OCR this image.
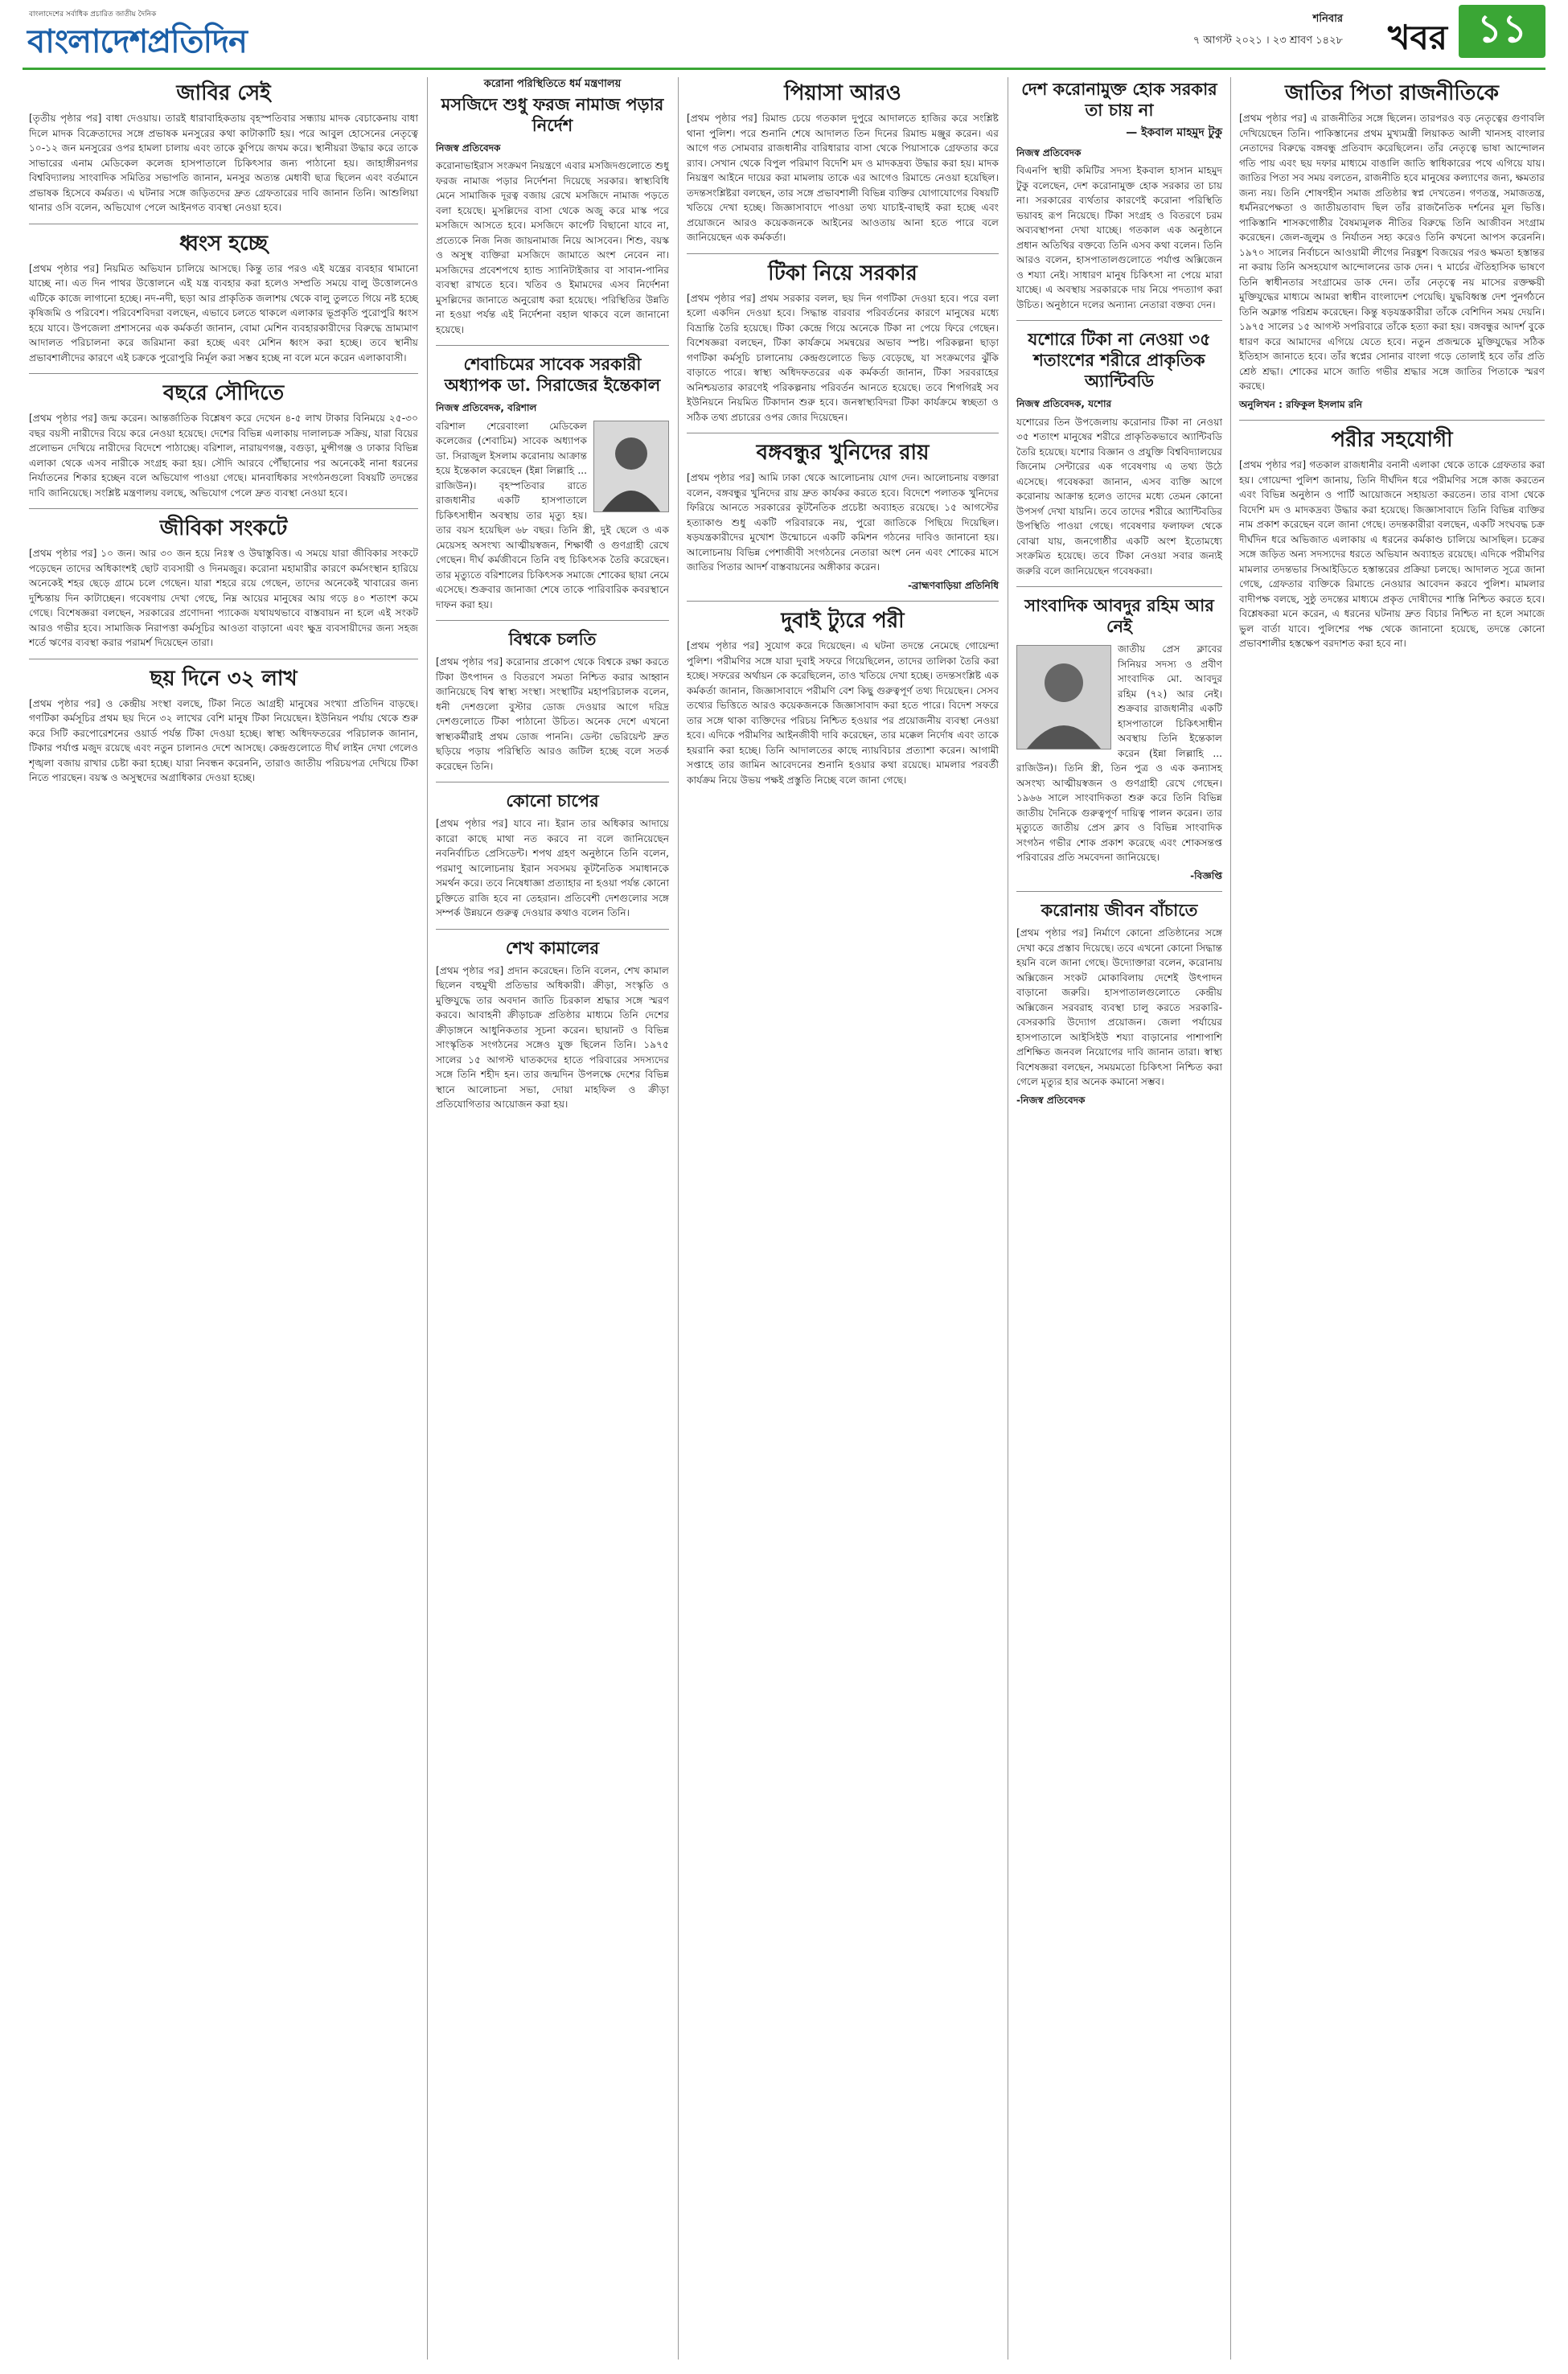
বাংলাদেশের সর্বাধিক প্রচারিত জাতীয় দৈনিক
বাংলাদেশপ্রতিদিন
শনিবার
৭ আগস্ট ২০২১ । ২৩ শ্রাবণ ১৪২৮ খবর ১১
জাবির সেই

[তৃতীয় পৃষ্ঠার পর] বাধা দেওয়ায়। তারই ধারাবাহিকতায় বৃহস্পতিবার সন্ধ্যায় মাদক বেচাকেনায় বাধা দিলে মাদক বিক্রেতাদের সঙ্গে প্রভাষক মনসুরের কথা কাটাকাটি হয়। পরে আবুল হোসেনের নেতৃত্বে ১০-১২ জন মনসুরের ওপর হামলা চালায় এবং তাকে কুপিয়ে জখম করে। স্থানীয়রা উদ্ধার করে তাকে সাভারের এনাম মেডিকেল কলেজ হাসপাতালে চিকিৎসার জন্য পাঠানো হয়। জাহাঙ্গীরনগর বিশ্ববিদ্যালয় সাংবাদিক সমিতির সভাপতি জানান, মনসুর অত্যন্ত মেধাবী ছাত্র ছিলেন এবং বর্তমানে প্রভাষক হিসেবে কর্মরত। এ ঘটনার সঙ্গে জড়িতদের দ্রুত গ্রেফতারের দাবি জানান তিনি। আশুলিয়া থানার ওসি বলেন, অভিযোগ পেলে আইনগত ব্যবস্থা নেওয়া হবে।

ধ্বংস হচ্ছে

[প্রথম পৃষ্ঠার পর] নিয়মিত অভিযান চালিয়ে আসছে। কিন্তু তার পরও এই যন্ত্রের ব্যবহার থামানো যাচ্ছে না। এত দিন পাথর উত্তোলনে এই যন্ত্র ব্যবহার করা হলেও সম্প্রতি সময়ে বালু উত্তোলনেও এটিকে কাজে লাগানো হচ্ছে। নদ-নদী, ছড়া আর প্রাকৃতিক জলাশয় থেকে বালু তুলতে গিয়ে নষ্ট হচ্ছে কৃষিজমি ও পরিবেশ। পরিবেশবিদরা বলছেন, এভাবে চলতে থাকলে এলাকার ভূপ্রকৃতি পুরোপুরি ধ্বংস হয়ে যাবে। উপজেলা প্রশাসনের এক কর্মকর্তা জানান, বোমা মেশিন ব্যবহারকারীদের বিরুদ্ধে ভ্রাম্যমাণ আদালত পরিচালনা করে জরিমানা করা হচ্ছে এবং মেশিন ধ্বংস করা হচ্ছে। তবে স্থানীয় প্রভাবশালীদের কারণে এই চক্রকে পুরোপুরি নির্মূল করা সম্ভব হচ্ছে না বলে মনে করেন এলাকাবাসী।

বছরে সৌদিতে

[প্রথম পৃষ্ঠার পর] জন্ম করেন। আন্তর্জাতিক বিশ্লেষণ করে দেখেন ৪-৫ লাখ টাকার বিনিময়ে ২৫-৩০ বছর বয়সী নারীদের বিয়ে করে নেওয়া হয়েছে। দেশের বিভিন্ন এলাকায় দালালচক্র সক্রিয়, যারা বিয়ের প্রলোভন দেখিয়ে নারীদের বিদেশে পাঠাচ্ছে। বরিশাল, নারায়ণগঞ্জ, বগুড়া, মুন্সীগঞ্জ ও ঢাকার বিভিন্ন এলাকা থেকে এসব নারীকে সংগ্রহ করা হয়। সৌদি আরবে পৌঁছানোর পর অনেকেই নানা ধরনের নির্যাতনের শিকার হচ্ছেন বলে অভিযোগ পাওয়া গেছে। মানবাধিকার সংগঠনগুলো বিষয়টি তদন্তের দাবি জানিয়েছে। সংশ্লিষ্ট মন্ত্রণালয় বলছে, অভিযোগ পেলে দ্রুত ব্যবস্থা নেওয়া হবে।

জীবিকা সংকটে

[প্রথম পৃষ্ঠার পর] ১০ জন। আর ৩০ জন হয়ে নিঃস্ব ও উদ্বাস্তুবিত্ত। এ সময়ে যারা জীবিকার সংকটে পড়েছেন তাদের অধিকাংশই ছোট ব্যবসায়ী ও দিনমজুর। করোনা মহামারীর কারণে কর্মসংস্থান হারিয়ে অনেকেই শহর ছেড়ে গ্রামে চলে গেছেন। যারা শহরে রয়ে গেছেন, তাদের অনেকেই খাবারের জন্য দুশ্চিন্তায় দিন কাটাচ্ছেন। গবেষণায় দেখা গেছে, নিম্ন আয়ের মানুষের আয় গড়ে ৪০ শতাংশ কমে গেছে। বিশেষজ্ঞরা বলছেন, সরকারের প্রণোদনা প্যাকেজ যথাযথভাবে বাস্তবায়ন না হলে এই সংকট আরও গভীর হবে। সামাজিক নিরাপত্তা কর্মসূচির আওতা বাড়ানো এবং ক্ষুদ্র ব্যবসায়ীদের জন্য সহজ শর্তে ঋণের ব্যবস্থা করার পরামর্শ দিয়েছেন তারা।

ছয় দিনে ৩২ লাখ

[প্রথম পৃষ্ঠার পর] ও কেন্দ্রীয় সংস্থা বলছে, টিকা নিতে আগ্রহী মানুষের সংখ্যা প্রতিদিন বাড়ছে। গণটিকা কর্মসূচির প্রথম ছয় দিনে ৩২ লাখের বেশি মানুষ টিকা নিয়েছেন। ইউনিয়ন পর্যায় থেকে শুরু করে সিটি করপোরেশনের ওয়ার্ড পর্যন্ত টিকা দেওয়া হচ্ছে। স্বাস্থ্য অধিদফতরের পরিচালক জানান, টিকার পর্যাপ্ত মজুদ রয়েছে এবং নতুন চালানও দেশে আসছে। কেন্দ্রগুলোতে দীর্ঘ লাইন দেখা গেলেও শৃঙ্খলা বজায় রাখার চেষ্টা করা হচ্ছে। যারা নিবন্ধন করেননি, তারাও জাতীয় পরিচয়পত্র দেখিয়ে টিকা নিতে পারছেন। বয়স্ক ও অসুস্থদের অগ্রাধিকার দেওয়া হচ্ছে।

করোনা পরিস্থিতিতে ধর্ম মন্ত্রণালয়
মসজিদে শুধু ফরজ নামাজ পড়ার নির্দেশ
নিজস্ব প্রতিবেদক

করোনাভাইরাস সংক্রমণ নিয়ন্ত্রণে এবার মসজিদগুলোতে শুধু ফরজ নামাজ পড়ার নির্দেশনা দিয়েছে সরকার। স্বাস্থ্যবিধি মেনে সামাজিক দূরত্ব বজায় রেখে মসজিদে নামাজ পড়তে বলা হয়েছে। মুসল্লিদের বাসা থেকে অজু করে মাস্ক পরে মসজিদে আসতে হবে। মসজিদে কার্পেট বিছানো যাবে না, প্রত্যেকে নিজ নিজ জায়নামাজ নিয়ে আসবেন। শিশু, বয়স্ক ও অসুস্থ ব্যক্তিরা মসজিদে জামাতে অংশ নেবেন না। মসজিদের প্রবেশপথে হ্যান্ড স্যানিটাইজার বা সাবান-পানির ব্যবস্থা রাখতে হবে। খতিব ও ইমামদের এসব নির্দেশনা মুসল্লিদের জানাতে অনুরোধ করা হয়েছে। পরিস্থিতির উন্নতি না হওয়া পর্যন্ত এই নির্দেশনা বহাল থাকবে বলে জানানো হয়েছে।

শেবাচিমের সাবেক সরকারী অধ্যাপক ডা. সিরাজের ইন্তেকাল
নিজস্ব প্রতিবেদক, বরিশাল

বরিশাল শেরেবাংলা মেডিকেল কলেজের (শেবাচিম) সাবেক অধ্যাপক ডা. সিরাজুল ইসলাম করোনায় আক্রান্ত হয়ে ইন্তেকাল করেছেন (ইন্না লিল্লাহি ... রাজিউন)। বৃহস্পতিবার রাতে রাজধানীর একটি হাসপাতালে চিকিৎসাধীন অবস্থায় তার মৃত্যু হয়। তার বয়স হয়েছিল ৬৮ বছর। তিনি স্ত্রী, দুই ছেলে ও এক মেয়েসহ অসংখ্য আত্মীয়স্বজন, শিক্ষার্থী ও গুণগ্রাহী রেখে গেছেন। দীর্ঘ কর্মজীবনে তিনি বহু চিকিৎসক তৈরি করেছেন। তার মৃত্যুতে বরিশালের চিকিৎসক সমাজে শোকের ছায়া নেমে এসেছে। শুক্রবার জানাজা শেষে তাকে পারিবারিক কবরস্থানে দাফন করা হয়।

বিশ্বকে চলতি

[প্রথম পৃষ্ঠার পর] করোনার প্রকোপ থেকে বিশ্বকে রক্ষা করতে টিকা উৎপাদন ও বিতরণে সমতা নিশ্চিত করার আহ্বান জানিয়েছে বিশ্ব স্বাস্থ্য সংস্থা। সংস্থাটির মহাপরিচালক বলেন, ধনী দেশগুলো বুস্টার ডোজ দেওয়ার আগে দরিদ্র দেশগুলোতে টিকা পাঠানো উচিত। অনেক দেশে এখনো স্বাস্থ্যকর্মীরাই প্রথম ডোজ পাননি। ডেল্টা ভেরিয়েন্ট দ্রুত ছড়িয়ে পড়ায় পরিস্থিতি আরও জটিল হচ্ছে বলে সতর্ক করেছেন তিনি।

কোনো চাপের

[প্রথম পৃষ্ঠার পর] যাবে না। ইরান তার অধিকার আদায়ে কারো কাছে মাথা নত করবে না বলে জানিয়েছেন নবনির্বাচিত প্রেসিডেন্ট। শপথ গ্রহণ অনুষ্ঠানে তিনি বলেন, পরমাণু আলোচনায় ইরান সবসময় কূটনৈতিক সমাধানকে সমর্থন করে। তবে নিষেধাজ্ঞা প্রত্যাহার না হওয়া পর্যন্ত কোনো চুক্তিতে রাজি হবে না তেহরান। প্রতিবেশী দেশগুলোর সঙ্গে সম্পর্ক উন্নয়নে গুরুত্ব দেওয়ার কথাও বলেন তিনি।

শেখ কামালের

[প্রথম পৃষ্ঠার পর] প্রদান করেছেন। তিনি বলেন, শেখ কামাল ছিলেন বহুমুখী প্রতিভার অধিকারী। ক্রীড়া, সংস্কৃতি ও মুক্তিযুদ্ধে তার অবদান জাতি চিরকাল শ্রদ্ধার সঙ্গে স্মরণ করবে। আবাহনী ক্রীড়াচক্র প্রতিষ্ঠার মাধ্যমে তিনি দেশের ক্রীড়াঙ্গনে আধুনিকতার সূচনা করেন। ছায়ানট ও বিভিন্ন সাংস্কৃতিক সংগঠনের সঙ্গেও যুক্ত ছিলেন তিনি। ১৯৭৫ সালের ১৫ আগস্ট ঘাতকদের হাতে পরিবারের সদস্যদের সঙ্গে তিনি শহীদ হন। তার জন্মদিন উপলক্ষে দেশের বিভিন্ন স্থানে আলোচনা সভা, দোয়া মাহফিল ও ক্রীড়া প্রতিযোগিতার আয়োজন করা হয়।

পিয়াসা আরও

[প্রথম পৃষ্ঠার পর] রিমান্ড চেয়ে গতকাল দুপুরে আদালতে হাজির করে সংশ্লিষ্ট থানা পুলিশ। পরে শুনানি শেষে আদালত তিন দিনের রিমান্ড মঞ্জুর করেন। এর আগে গত সোমবার রাজধানীর বারিধারার বাসা থেকে পিয়াসাকে গ্রেফতার করে র‌্যাব। সেখান থেকে বিপুল পরিমাণ বিদেশি মদ ও মাদকদ্রব্য উদ্ধার করা হয়। মাদক নিয়ন্ত্রণ আইনে দায়ের করা মামলায় তাকে এর আগেও রিমান্ডে নেওয়া হয়েছিল। তদন্তসংশ্লিষ্টরা বলছেন, তার সঙ্গে প্রভাবশালী বিভিন্ন ব্যক্তির যোগাযোগের বিষয়টি খতিয়ে দেখা হচ্ছে। জিজ্ঞাসাবাদে পাওয়া তথ্য যাচাই-বাছাই করা হচ্ছে এবং প্রয়োজনে আরও কয়েকজনকে আইনের আওতায় আনা হতে পারে বলে জানিয়েছেন এক কর্মকর্তা।

টিকা নিয়ে সরকার

[প্রথম পৃষ্ঠার পর] প্রথম সরকার বলল, ছয় দিন গণটিকা দেওয়া হবে। পরে বলা হলো একদিন দেওয়া হবে। সিদ্ধান্ত বারবার পরিবর্তনের কারণে মানুষের মধ্যে বিভ্রান্তি তৈরি হয়েছে। টিকা কেন্দ্রে গিয়ে অনেকে টিকা না পেয়ে ফিরে গেছেন। বিশেষজ্ঞরা বলছেন, টিকা কার্যক্রমে সমন্বয়ের অভাব স্পষ্ট। পরিকল্পনা ছাড়া গণটিকা কর্মসূচি চালানোয় কেন্দ্রগুলোতে ভিড় বেড়েছে, যা সংক্রমণের ঝুঁকি বাড়াতে পারে। স্বাস্থ্য অধিদফতরের এক কর্মকর্তা জানান, টিকা সরবরাহের অনিশ্চয়তার কারণেই পরিকল্পনায় পরিবর্তন আনতে হয়েছে। তবে শিগগিরই সব ইউনিয়নে নিয়মিত টিকাদান শুরু হবে। জনস্বাস্থ্যবিদরা টিকা কার্যক্রমে স্বচ্ছতা ও সঠিক তথ্য প্রচারের ওপর জোর দিয়েছেন।

বঙ্গবন্ধুর খুনিদের রায়

[প্রথম পৃষ্ঠার পর] আমি ঢাকা থেকে আলোচনায় যোগ দেন। আলোচনায় বক্তারা বলেন, বঙ্গবন্ধুর খুনিদের রায় দ্রুত কার্যকর করতে হবে। বিদেশে পলাতক খুনিদের ফিরিয়ে আনতে সরকারের কূটনৈতিক প্রচেষ্টা অব্যাহত রয়েছে। ১৫ আগস্টের হত্যাকাণ্ড শুধু একটি পরিবারকে নয়, পুরো জাতিকে পিছিয়ে দিয়েছিল। ষড়যন্ত্রকারীদের মুখোশ উন্মোচনে একটি কমিশন গঠনের দাবিও জানানো হয়। আলোচনায় বিভিন্ন পেশাজীবী সংগঠনের নেতারা অংশ নেন এবং শোকের মাসে জাতির পিতার আদর্শ বাস্তবায়নের অঙ্গীকার করেন।

-ব্রাহ্মণবাড়িয়া প্রতিনিধি
দুবাই ট্যুরে পরী

[প্রথম পৃষ্ঠার পর] সুযোগ করে দিয়েছেন। এ ঘটনা তদন্তে নেমেছে গোয়েন্দা পুলিশ। পরীমণির সঙ্গে যারা দুবাই সফরে গিয়েছিলেন, তাদের তালিকা তৈরি করা হচ্ছে। সফরের অর্থায়ন কে করেছিলেন, তাও খতিয়ে দেখা হচ্ছে। তদন্তসংশ্লিষ্ট এক কর্মকর্তা জানান, জিজ্ঞাসাবাদে পরীমণি বেশ কিছু গুরুত্বপূর্ণ তথ্য দিয়েছেন। সেসব তথ্যের ভিত্তিতে আরও কয়েকজনকে জিজ্ঞাসাবাদ করা হতে পারে। বিদেশ সফরে তার সঙ্গে থাকা ব্যক্তিদের পরিচয় নিশ্চিত হওয়ার পর প্রয়োজনীয় ব্যবস্থা নেওয়া হবে। এদিকে পরীমণির আইনজীবী দাবি করেছেন, তার মক্কেল নির্দোষ এবং তাকে হয়রানি করা হচ্ছে। তিনি আদালতের কাছে ন্যায়বিচার প্রত্যাশা করেন। আগামী সপ্তাহে তার জামিন আবেদনের শুনানি হওয়ার কথা রয়েছে। মামলার পরবর্তী কার্যক্রম নিয়ে উভয় পক্ষই প্রস্তুতি নিচ্ছে বলে জানা গেছে।

দেশ করোনামুক্ত হোক সরকার তা চায় না
— ইকবাল মাহমুদ টুকু
নিজস্ব প্রতিবেদক

বিএনপি স্থায়ী কমিটির সদস্য ইকবাল হাসান মাহমুদ টুকু বলেছেন, দেশ করোনামুক্ত হোক সরকার তা চায় না। সরকারের ব্যর্থতার কারণেই করোনা পরিস্থিতি ভয়াবহ রূপ নিয়েছে। টিকা সংগ্রহ ও বিতরণে চরম অব্যবস্থাপনা দেখা যাচ্ছে। গতকাল এক অনুষ্ঠানে প্রধান অতিথির বক্তব্যে তিনি এসব কথা বলেন। তিনি আরও বলেন, হাসপাতালগুলোতে পর্যাপ্ত অক্সিজেন ও শয্যা নেই। সাধারণ মানুষ চিকিৎসা না পেয়ে মারা যাচ্ছে। এ অবস্থায় সরকারকে দায় নিয়ে পদত্যাগ করা উচিত। অনুষ্ঠানে দলের অন্যান্য নেতারা বক্তব্য দেন।

যশোরে টিকা না নেওয়া ৩৫ শতাংশের শরীরে প্রাকৃতিক অ্যান্টিবডি
নিজস্ব প্রতিবেদক, যশোর

যশোরের তিন উপজেলায় করোনার টিকা না নেওয়া ৩৫ শতাংশ মানুষের শরীরে প্রাকৃতিকভাবে অ্যান্টিবডি তৈরি হয়েছে। যশোর বিজ্ঞান ও প্রযুক্তি বিশ্ববিদ্যালয়ের জিনোম সেন্টারের এক গবেষণায় এ তথ্য উঠে এসেছে। গবেষকরা জানান, এসব ব্যক্তি আগে করোনায় আক্রান্ত হলেও তাদের মধ্যে তেমন কোনো উপসর্গ দেখা যায়নি। তবে তাদের শরীরে অ্যান্টিবডির উপস্থিতি পাওয়া গেছে। গবেষণার ফলাফল থেকে বোঝা যায়, জনগোষ্ঠীর একটি অংশ ইতোমধ্যে সংক্রমিত হয়েছে। তবে টিকা নেওয়া সবার জন্যই জরুরি বলে জানিয়েছেন গবেষকরা।

সাংবাদিক আবদুর রহিম আর নেই

জাতীয় প্রেস ক্লাবের সিনিয়র সদস্য ও প্রবীণ সাংবাদিক মো. আবদুর রহিম (৭২) আর নেই। শুক্রবার রাজধানীর একটি হাসপাতালে চিকিৎসাধীন অবস্থায় তিনি ইন্তেকাল করেন (ইন্না লিল্লাহি ... রাজিউন)। তিনি স্ত্রী, তিন পুত্র ও এক কন্যাসহ অসংখ্য আত্মীয়স্বজন ও গুণগ্রাহী রেখে গেছেন। ১৯৬৬ সালে সাংবাদিকতা শুরু করে তিনি বিভিন্ন জাতীয় দৈনিকে গুরুত্বপূর্ণ দায়িত্ব পালন করেন। তার মৃত্যুতে জাতীয় প্রেস ক্লাব ও বিভিন্ন সাংবাদিক সংগঠন গভীর শোক প্রকাশ করেছে এবং শোকসন্তপ্ত পরিবারের প্রতি সমবেদনা জানিয়েছে।

-বিজ্ঞপ্তি
করোনায় জীবন বাঁচাতে

[প্রথম পৃষ্ঠার পর] নির্মাণে কোনো প্রতিষ্ঠানের সঙ্গে দেখা করে প্রস্তাব দিয়েছে। তবে এখনো কোনো সিদ্ধান্ত হয়নি বলে জানা গেছে। উদ্যোক্তারা বলেন, করোনায় অক্সিজেন সংকট মোকাবিলায় দেশেই উৎপাদন বাড়ানো জরুরি। হাসপাতালগুলোতে কেন্দ্রীয় অক্সিজেন সরবরাহ ব্যবস্থা চালু করতে সরকারি-বেসরকারি উদ্যোগ প্রয়োজন। জেলা পর্যায়ের হাসপাতালে আইসিইউ শয্যা বাড়ানোর পাশাপাশি প্রশিক্ষিত জনবল নিয়োগের দাবি জানান তারা। স্বাস্থ্য বিশেষজ্ঞরা বলছেন, সময়মতো চিকিৎসা নিশ্চিত করা গেলে মৃত্যুর হার অনেক কমানো সম্ভব।

-নিজস্ব প্রতিবেদক
জাতির পিতা রাজনীতিকে

[প্রথম পৃষ্ঠার পর] এ রাজনীতির সঙ্গে ছিলেন। তারপরও বড় নেতৃত্বের গুণাবলি দেখিয়েছেন তিনি। পাকিস্তানের প্রথম মুখ্যমন্ত্রী লিয়াকত আলী খানসহ বাংলার নেতাদের বিরুদ্ধে বঙ্গবন্ধু প্রতিবাদ করেছিলেন। তাঁর নেতৃত্বে ভাষা আন্দোলন গতি পায় এবং ছয় দফার মাধ্যমে বাঙালি জাতি স্বাধিকারের পথে এগিয়ে যায়। জাতির পিতা সব সময় বলতেন, রাজনীতি হবে মানুষের কল্যাণের জন্য, ক্ষমতার জন্য নয়। তিনি শোষণহীন সমাজ প্রতিষ্ঠার স্বপ্ন দেখতেন। গণতন্ত্র, সমাজতন্ত্র, ধর্মনিরপেক্ষতা ও জাতীয়তাবাদ ছিল তাঁর রাজনৈতিক দর্শনের মূল ভিত্তি। পাকিস্তানি শাসকগোষ্ঠীর বৈষম্যমূলক নীতির বিরুদ্ধে তিনি আজীবন সংগ্রাম করেছেন। জেল-জুলুম ও নির্যাতন সহ্য করেও তিনি কখনো আপস করেননি। ১৯৭০ সালের নির্বাচনে আওয়ামী লীগের নিরঙ্কুশ বিজয়ের পরও ক্ষমতা হস্তান্তর না করায় তিনি অসহযোগ আন্দোলনের ডাক দেন। ৭ মার্চের ঐতিহাসিক ভাষণে তিনি স্বাধীনতার সংগ্রামের ডাক দেন। তাঁর নেতৃত্বে নয় মাসের রক্তক্ষয়ী মুক্তিযুদ্ধের মাধ্যমে আমরা স্বাধীন বাংলাদেশ পেয়েছি। যুদ্ধবিধ্বস্ত দেশ পুনর্গঠনে তিনি অক্লান্ত পরিশ্রম করেছেন। কিন্তু ষড়যন্ত্রকারীরা তাঁকে বেশিদিন সময় দেয়নি। ১৯৭৫ সালের ১৫ আগস্ট সপরিবারে তাঁকে হত্যা করা হয়। বঙ্গবন্ধুর আদর্শ বুকে ধারণ করে আমাদের এগিয়ে যেতে হবে। নতুন প্রজন্মকে মুক্তিযুদ্ধের সঠিক ইতিহাস জানাতে হবে। তাঁর স্বপ্নের সোনার বাংলা গড়ে তোলাই হবে তাঁর প্রতি শ্রেষ্ঠ শ্রদ্ধা। শোকের মাসে জাতি গভীর শ্রদ্ধার সঙ্গে জাতির পিতাকে স্মরণ করছে।

অনুলিখন : রফিকুল ইসলাম রনি
পরীর সহযোগী

[প্রথম পৃষ্ঠার পর] গতকাল রাজধানীর বনানী এলাকা থেকে তাকে গ্রেফতার করা হয়। গোয়েন্দা পুলিশ জানায়, তিনি দীর্ঘদিন ধরে পরীমণির সঙ্গে কাজ করতেন এবং বিভিন্ন অনুষ্ঠান ও পার্টি আয়োজনে সহায়তা করতেন। তার বাসা থেকে বিদেশি মদ ও মাদকদ্রব্য উদ্ধার করা হয়েছে। জিজ্ঞাসাবাদে তিনি বিভিন্ন ব্যক্তির নাম প্রকাশ করেছেন বলে জানা গেছে। তদন্তকারীরা বলছেন, একটি সংঘবদ্ধ চক্র দীর্ঘদিন ধরে অভিজাত এলাকায় এ ধরনের কর্মকাণ্ড চালিয়ে আসছিল। চক্রের সঙ্গে জড়িত অন্য সদস্যদের ধরতে অভিযান অব্যাহত রয়েছে। এদিকে পরীমণির মামলার তদন্তভার সিআইডিতে হস্তান্তরের প্রক্রিয়া চলছে। আদালত সূত্রে জানা গেছে, গ্রেফতার ব্যক্তিকে রিমান্ডে নেওয়ার আবেদন করবে পুলিশ। মামলার বাদীপক্ষ বলছে, সুষ্ঠু তদন্তের মাধ্যমে প্রকৃত দোষীদের শাস্তি নিশ্চিত করতে হবে। বিশ্লেষকরা মনে করেন, এ ধরনের ঘটনায় দ্রুত বিচার নিশ্চিত না হলে সমাজে ভুল বার্তা যাবে। পুলিশের পক্ষ থেকে জানানো হয়েছে, তদন্তে কোনো প্রভাবশালীর হস্তক্ষেপ বরদাশত করা হবে না।
